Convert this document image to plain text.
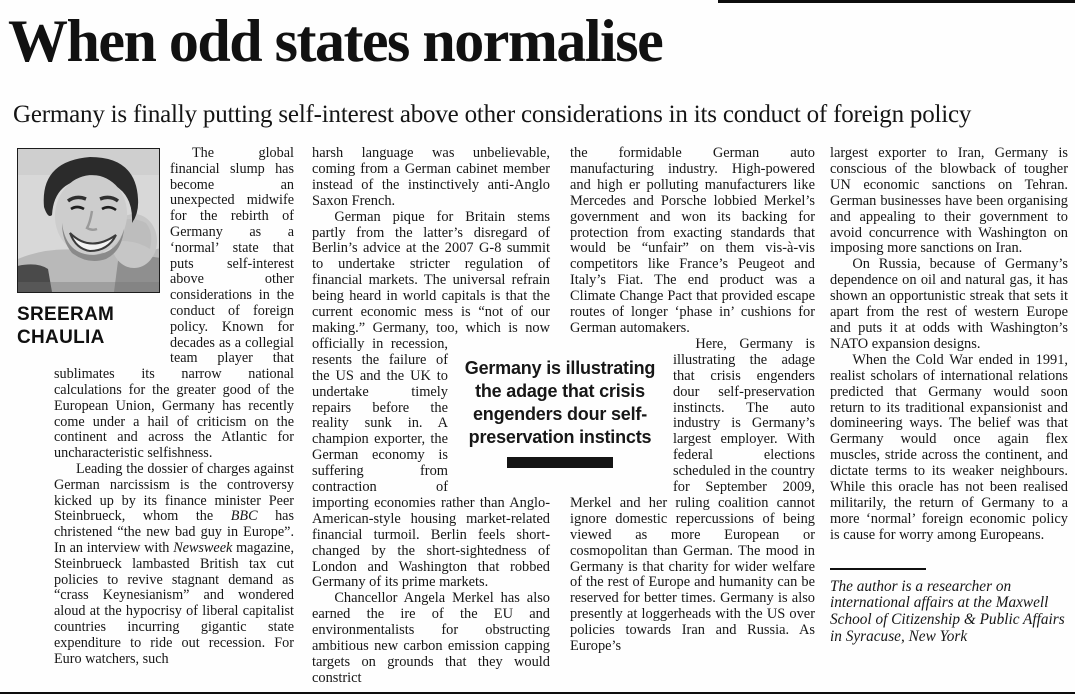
When odd states normalise
Germany is finally putting self-interest above other considerations in its conduct of foreign policy
SREERAM
CHAULIA

The global financial slump has become an unexpected midwife for the rebirth of Germany as a ‘normal’ state that puts self-interest above other considerations in the conduct of foreign policy. Known for decades as a collegial team player that sublimates its narrow national calculations for the greater good of the European Union, Germany has recently come under a hail of criticism on the continent and across the Atlantic for uncharacteristic selfishness.

Leading the dossier of charges against German narcissism is the controversy kicked up by its finance minister Peer Steinbrueck, whom the BBC has christened “the new bad guy in Europe”. In an interview with Newsweek magazine, Steinbrueck lambasted British tax cut policies to revive stagnant demand as “crass Keynesianism” and wondered aloud at the hypocrisy of liberal capitalist countries incurring gigantic state expenditure to ride out recession. For Euro watchers, such

harsh language was unbelievable, coming from a German cabinet member instead of the instinctively anti-Anglo Saxon French.

German pique for Britain stems partly from the latter’s disregard of Berlin’s advice at the 2007 G-8 summit to undertake stricter regulation of financial markets. The universal refrain being heard in world capitals is that the current economic mess is “not of our making.” Germany, too, which is now
officially in recession, resents the failure of the US and the UK to undertake timely repairs before the reality sunk in. A champion exporter, the German economy is suffering from contraction of importing economies rather than Anglo-American-style housing market-related financial turmoil. Berlin feels short-changed by the short-sightedness of London and Washington that robbed Germany of its prime markets.

Chancellor Angela Merkel has also earned the ire of the EU and environmentalists for obstructing ambitious new carbon emission capping targets on grounds that they would constrict

the formidable German auto manufacturing industry. High-powered and high er polluting manufacturers like Mercedes and Porsche lobbied Merkel’s government and won its backing for protection from exacting standards that would be “unfair” on them vis-à-vis competitors like France’s Peugeot and Italy’s Fiat. The end product was a Climate Change Pact that provided escape routes of longer ‘phase in’ cushions for German automakers.

Here, Germany is illustrating the adage that crisis engenders dour self-preservation instincts. The auto industry is Germany’s largest employer. With federal elections scheduled in the country for September 2009, Merkel and her ruling coalition cannot ignore domestic repercussions of being viewed as more European or cosmopolitan than German. The mood in Germany is that charity for wider welfare of the rest of Europe and humanity can be reserved for better times. Germany is also presently at loggerheads with the US over policies towards Iran and Russia. As Europe’s

largest exporter to Iran, Germany is conscious of the blowback of tougher UN economic sanctions on Tehran. German businesses have been organising and appealing to their government to avoid concurrence with Washington on imposing more sanctions on Iran.

On Russia, because of Germany’s dependence on oil and natural gas, it has shown an opportunistic streak that sets it apart from the rest of western Europe and puts it at odds with Washington’s NATO expansion designs.

When the Cold War ended in 1991, realist scholars of international relations predicted that Germany would soon return to its traditional expansionist and domineering ways. The belief was that Germany would once again flex muscles, stride across the continent, and dictate terms to its weaker neighbours. While this oracle has not been realised militarily, the return of Germany to a more ‘normal’ foreign economic policy is cause for worry among Europeans.

The author is a researcher on international affairs at the Maxwell School of Citizenship & Public Affairs in Syracuse, New York
Germany is illustrating
the adage that crisis
engenders dour self-
preservation instincts
